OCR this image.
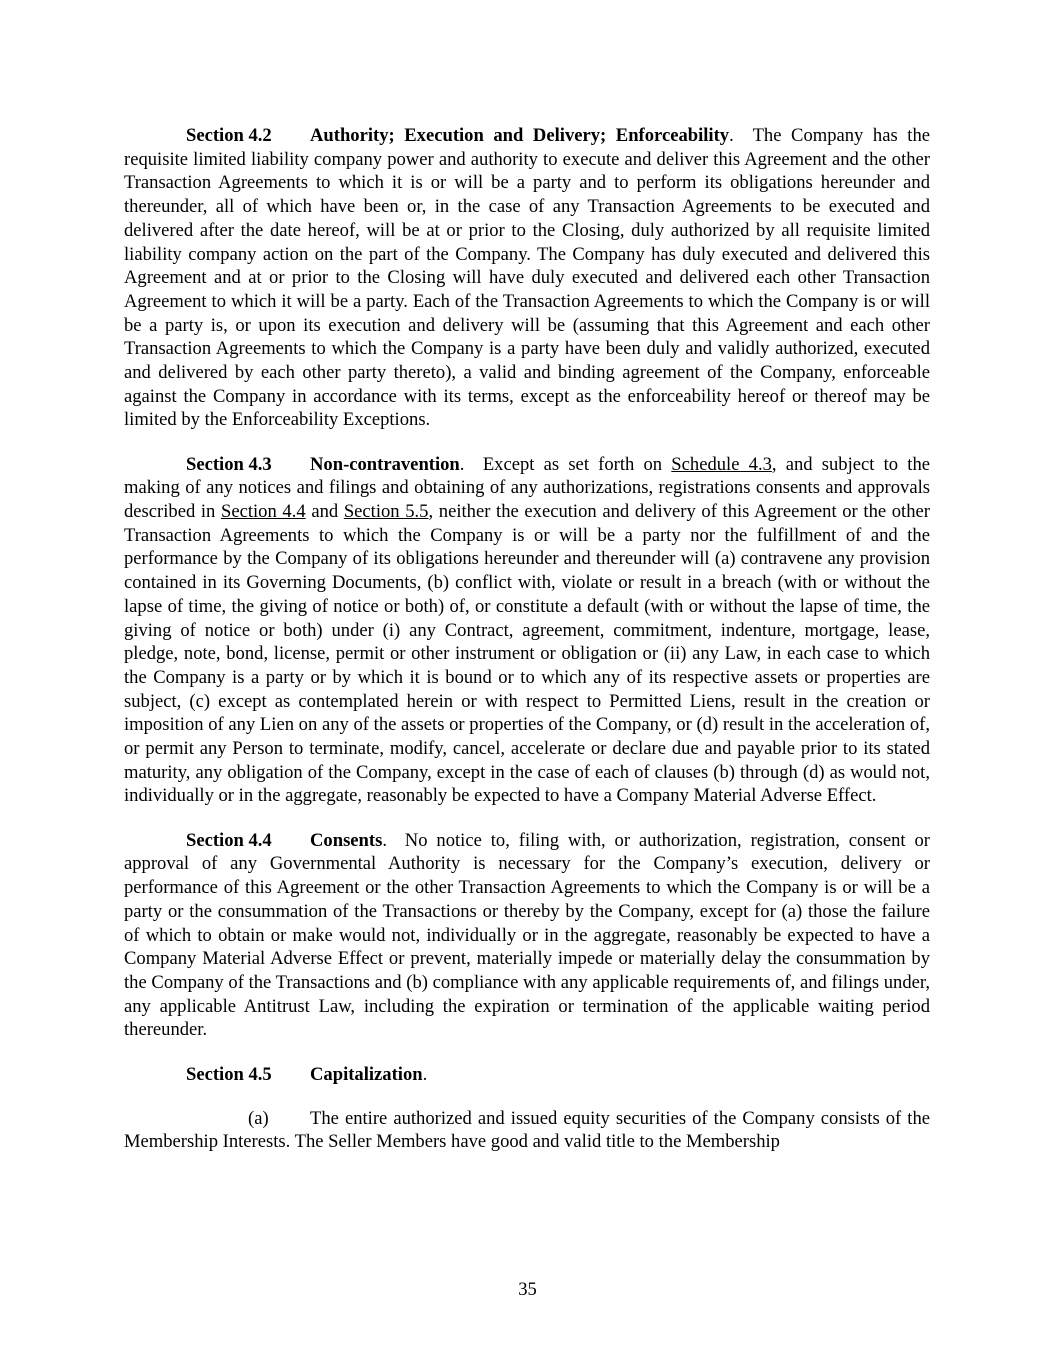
Section 4.2 Authority; Execution and Delivery; Enforceability.  The Company has the requisite limited liability company power and authority to execute and deliver this Agreement and the other Transaction Agreements to which it is or will be a party and to perform its obligations hereunder and thereunder, all of which have been or, in the case of any Transaction Agreements to be executed and delivered after the date hereof, will be at or prior to the Closing, duly authorized by all requisite limited liability company action on the part of the Company. The Company has duly executed and delivered this Agreement and at or prior to the Closing will have duly executed and delivered each other Transaction Agreement to which it will be a party. Each of the Transaction Agreements to which the Company is or will be a party is, or upon its execution and delivery will be (assuming that this Agreement and each other Transaction Agreements to which the Company is a party have been duly and validly authorized, executed and delivered by each other party thereto), a valid and binding agreement of the Company, enforceable against the Company in accordance with its terms, except as the enforceability hereof or thereof may be limited by the Enforceability Exceptions.

Section 4.3 Non-contravention.  Except as set forth on Schedule 4.3, and subject to the making of any notices and filings and obtaining of any authorizations, registrations consents and approvals described in Section 4.4 and Section 5.5, neither the execution and delivery of this Agreement or the other Transaction Agreements to which the Company is or will be a party nor the fulfillment of and the performance by the Company of its obligations hereunder and thereunder will (a) contravene any provision contained in its Governing Documents, (b) conflict with, violate or result in a breach (with or without the lapse of time, the giving of notice or both) of, or constitute a default (with or without the lapse of time, the giving of notice or both) under (i) any Contract, agreement, commitment, indenture, mortgage, lease, pledge, note, bond, license, permit or other instrument or obligation or (ii) any Law, in each case to which the Company is a party or by which it is bound or to which any of its respective assets or properties are subject, (c) except as contemplated herein or with respect to Permitted Liens, result in the creation or imposition of any Lien on any of the assets or properties of the Company, or (d) result in the acceleration of, or permit any Person to terminate, modify, cancel, accelerate or declare due and payable prior to its stated maturity, any obligation of the Company, except in the case of each of clauses (b) through (d) as would not, individually or in the aggregate, reasonably be expected to have a Company Material Adverse Effect.

Section 4.4 Consents.  No notice to, filing with, or authorization, registration, consent or approval of any Governmental Authority is necessary for the Company’s execution, delivery or performance of this Agreement or the other Transaction Agreements to which the Company is or will be a party or the consummation of the Transactions or thereby by the Company, except for (a) those the failure of which to obtain or make would not, individually or in the aggregate, reasonably be expected to have a Company Material Adverse Effect or prevent, materially impede or materially delay the consummation by the Company of the Transactions and (b) compliance with any applicable requirements of, and filings under, any applicable Antitrust Law, including the expiration or termination of the applicable waiting period thereunder.

Section 4.5 Capitalization.

(a) The entire authorized and issued equity securities of the Company consists of the Membership Interests. The Seller Members have good and valid title to the Membership

35
